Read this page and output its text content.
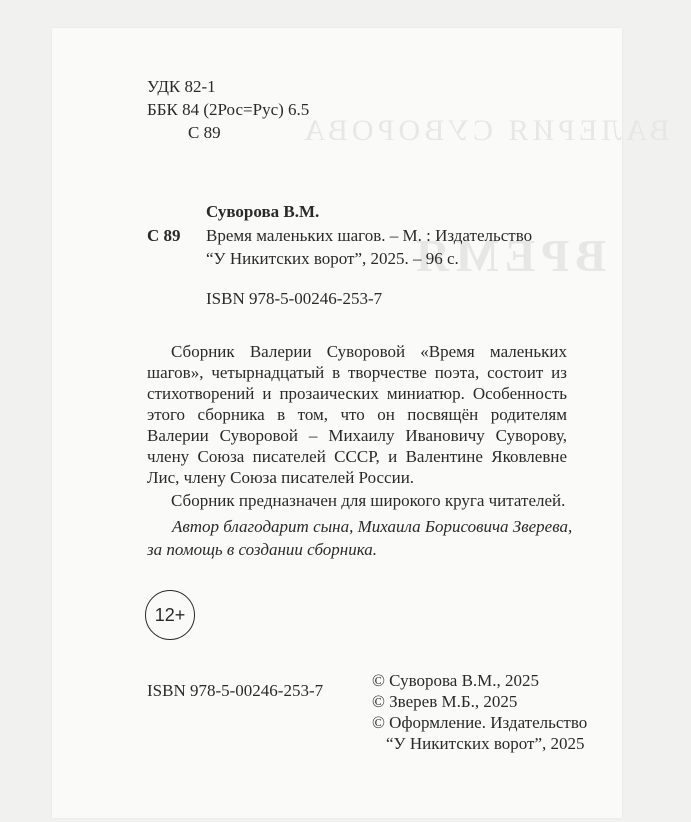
ВАЛЕРИЯ СУВОРОВА
ВРЕМЯ
УДК 82-1
ББК 84 (2Рос=Рус) 6.5
С 89
Суворова В.М.
С 89 Время маленьких шагов. – М. : Издательство
“У Никитских ворот”, 2025. – 96 с.
ISBN 978-5-00246-253-7

Сборник Валерии Суворовой «Время маленьких шагов», четырнадцатый в творчестве поэта, состоит из стихотворений и прозаических миниатюр. Особенность этого сборника в том, что он посвящён родителям Валерии Суворовой – Михаилу Ивановичу Суворову, члену Союза писателей СССР, и Валентине Яковлевне Лис, члену Союза писателей России.

Сборник предназначен для широкого круга читателей.

Автор благодарит сына, Михаила Борисовича Зверева,
за помощь в создании сборника.
12+
ISBN 978-5-00246-253-7
© Суворова В.М., 2025
© Зверев М.Б., 2025
© Оформление. Издательство
“У Никитских ворот”, 2025
